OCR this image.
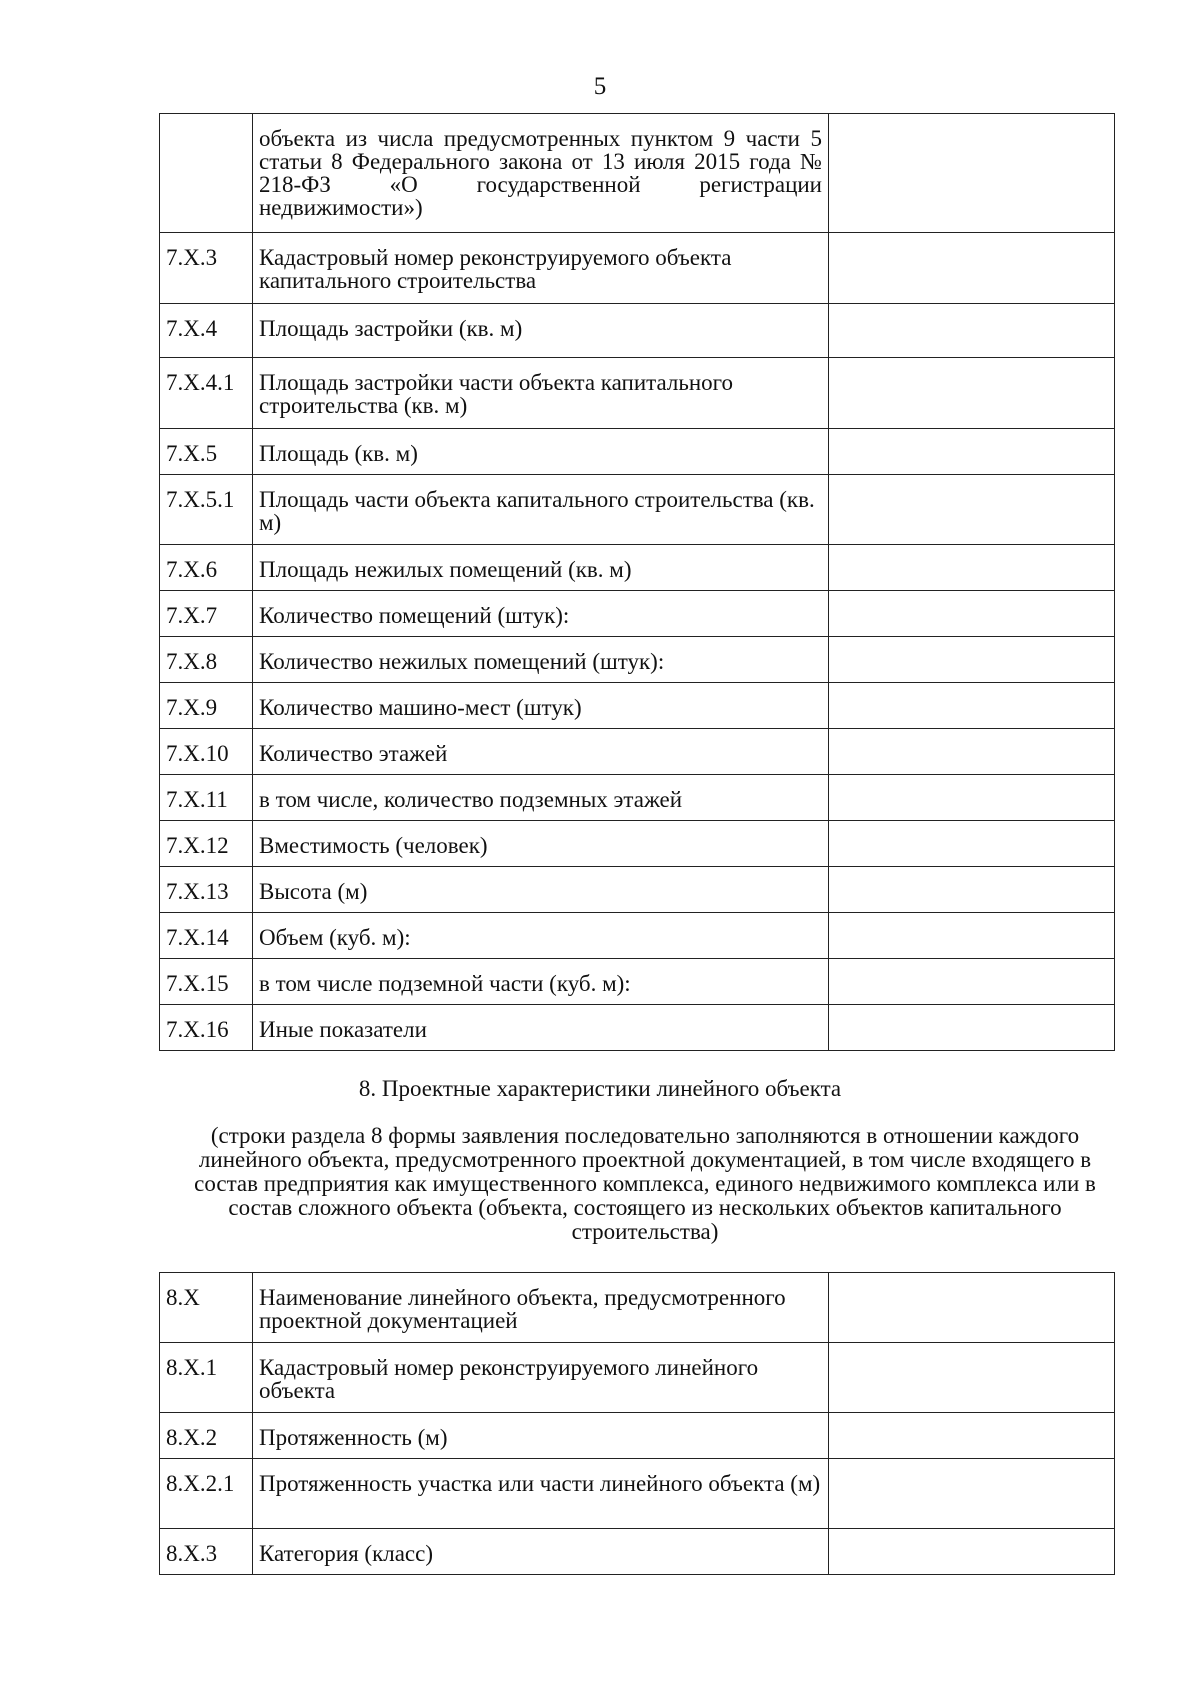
5
	объекта из числа предусмотренных пунктом 9 части 5 статьи 8 Федерального закона от 13 июля 2015 года № 218-ФЗ «О государственной регистрации недвижимости»)	
7.X.3	Кадастровый номер реконструируемого объекта капитального строительства	
7.X.4	Площадь застройки (кв. м)	
7.X.4.1	Площадь застройки части объекта капитального строительства (кв. м)	
7.X.5	Площадь (кв. м)	
7.X.5.1	Площадь части объекта капитального строительства (кв. м)	
7.X.6	Площадь нежилых помещений (кв. м)	
7.X.7	Количество помещений (штук):	
7.X.8	Количество нежилых помещений (штук):	
7.X.9	Количество машино-мест (штук)	
7.X.10	Количество этажей	
7.X.11	в том числе, количество подземных этажей	
7.X.12	Вместимость (человек)	
7.X.13	Высота (м)	
7.X.14	Объем (куб. м):	
7.X.15	в том числе подземной части (куб. м):	
7.X.16	Иные показатели	
8. Проектные характеристики линейного объекта
(строки раздела 8 формы заявления последовательно заполняются в отношении каждого линейного объекта, предусмотренного проектной документацией, в том числе входящего в состав предприятия как имущественного комплекса, единого недвижимого комплекса или в состав сложного объекта (объекта, состоящего из нескольких объектов капитального строительства)
8.X	Наименование линейного объекта, предусмотренного проектной документацией	
8.X.1	Кадастровый номер реконструируемого линейного объекта	
8.X.2	Протяженность (м)	
8.X.2.1	Протяженность участка или части линейного объекта (м)	
8.X.3	Категория (класс)	
